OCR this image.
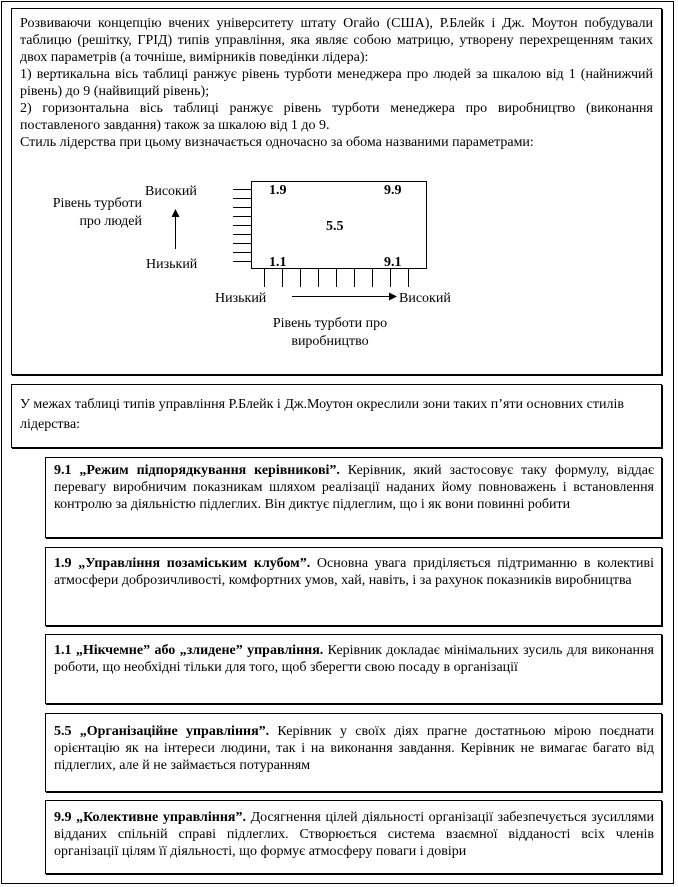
Розвиваючи концепцію вчених університету штату Огайо (США), Р.Блейк і Дж. Моутон побудували таблицю (решітку, ГРІД) типів управління, яка являє собою матрицю, утворену перехрещенням таких двох параметрів (а точніше, вимірників поведінки лідера):

1) вертикальна вісь таблиці ранжує рівень турботи менеджера про людей за шкалою від 1 (найнижчий рівень) до 9 (найвищий рівень);

2) горизонтальна вісь таблиці ранжує рівень турботи менеджера про виробництво (виконання поставленого завдання) також за шкалою від 1 до 9.

Стиль лідерства при цьому визначається одночасно за обома названими параметрами:

Рівень турботи про людей
Високий
Низький
Низький	Високий
Рівень турботи про виробництво
1.9	9.9
5.5
1.1	9.1
У межах таблиці типів управління Р.Блейк і Дж.Моутон окреслили зони таких п’яти основних стилів лідерства:
9.1 „Режим підпорядкування керівникові”. Керівник, який застосовує таку формулу, віддає перевагу виробничим показникам шляхом реалізації наданих йому повноважень і встановлення контролю за діяльністю підлеглих. Він диктує підлеглим, що і як вони повинні робити
1.9 „Управління позаміським клубом”. Основна увага приділяється підтриманню в колективі атмосфери доброзичливості, комфортних умов, хай, навіть, і за рахунок показників виробництва
1.1 „Нікчемне” або „злидене” управління. Керівник докладає мінімальних зусиль для виконання роботи, що необхідні тільки для того, щоб зберегти свою посаду в організації
5.5 „Організаційне управління”. Керівник у своїх діях прагне достатньою мірою поєднати орієнтацію як на інтереси людини, так і на виконання завдання. Керівник не вимагає багато від підлеглих, але й не займається потуранням
9.9 „Колективне управління”. Досягнення цілей діяльності організації забезпечується зусиллями відданих спільній справі підлеглих. Створюється система взаємної відданості всіх членів організації цілям її діяльності, що формує атмосферу поваги і довіри
